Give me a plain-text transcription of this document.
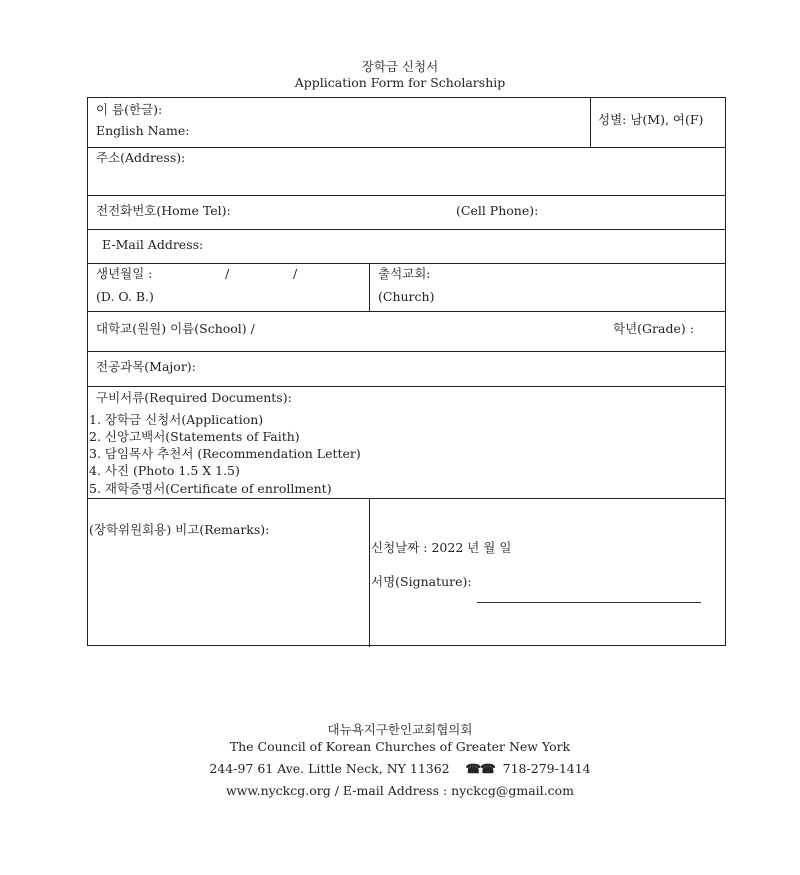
장학금 신청서
Application Form for Scholarship
이 름(한글):
English Name:
성별: 남(M), 여(F)
주소(Address):
전전화번호(Home Tel):	(Cell Phone):
E-Mail Address:
생년월일 :	/	/
(D. O. B.)
출석교회:
(Church)
대학교(원원) 이름(School) /	학년(Grade) :
전공과목(Major):
구비서류(Required Documents):
1. 장학금 신청서(Application)
2. 신앙고백서(Statements of Faith)
3. 담임목사 추천서 (Recommendation Letter)
4. 사진 (Photo 1.5 X 1.5)
5. 재학증명서(Certificate of enrollment)
(장학위원회용) 비고(Remarks):
신청날짜 : 2022 년 월 일
서명(Signature):
대뉴욕지구한인교회협의회
The Council of Korean Churches of Greater New York
244-97 61 Ave. Little Neck, NY 11362 ☎☎ 718-279-1414
www.nyckcg.org / E-mail Address : nyckcg@gmail.com
